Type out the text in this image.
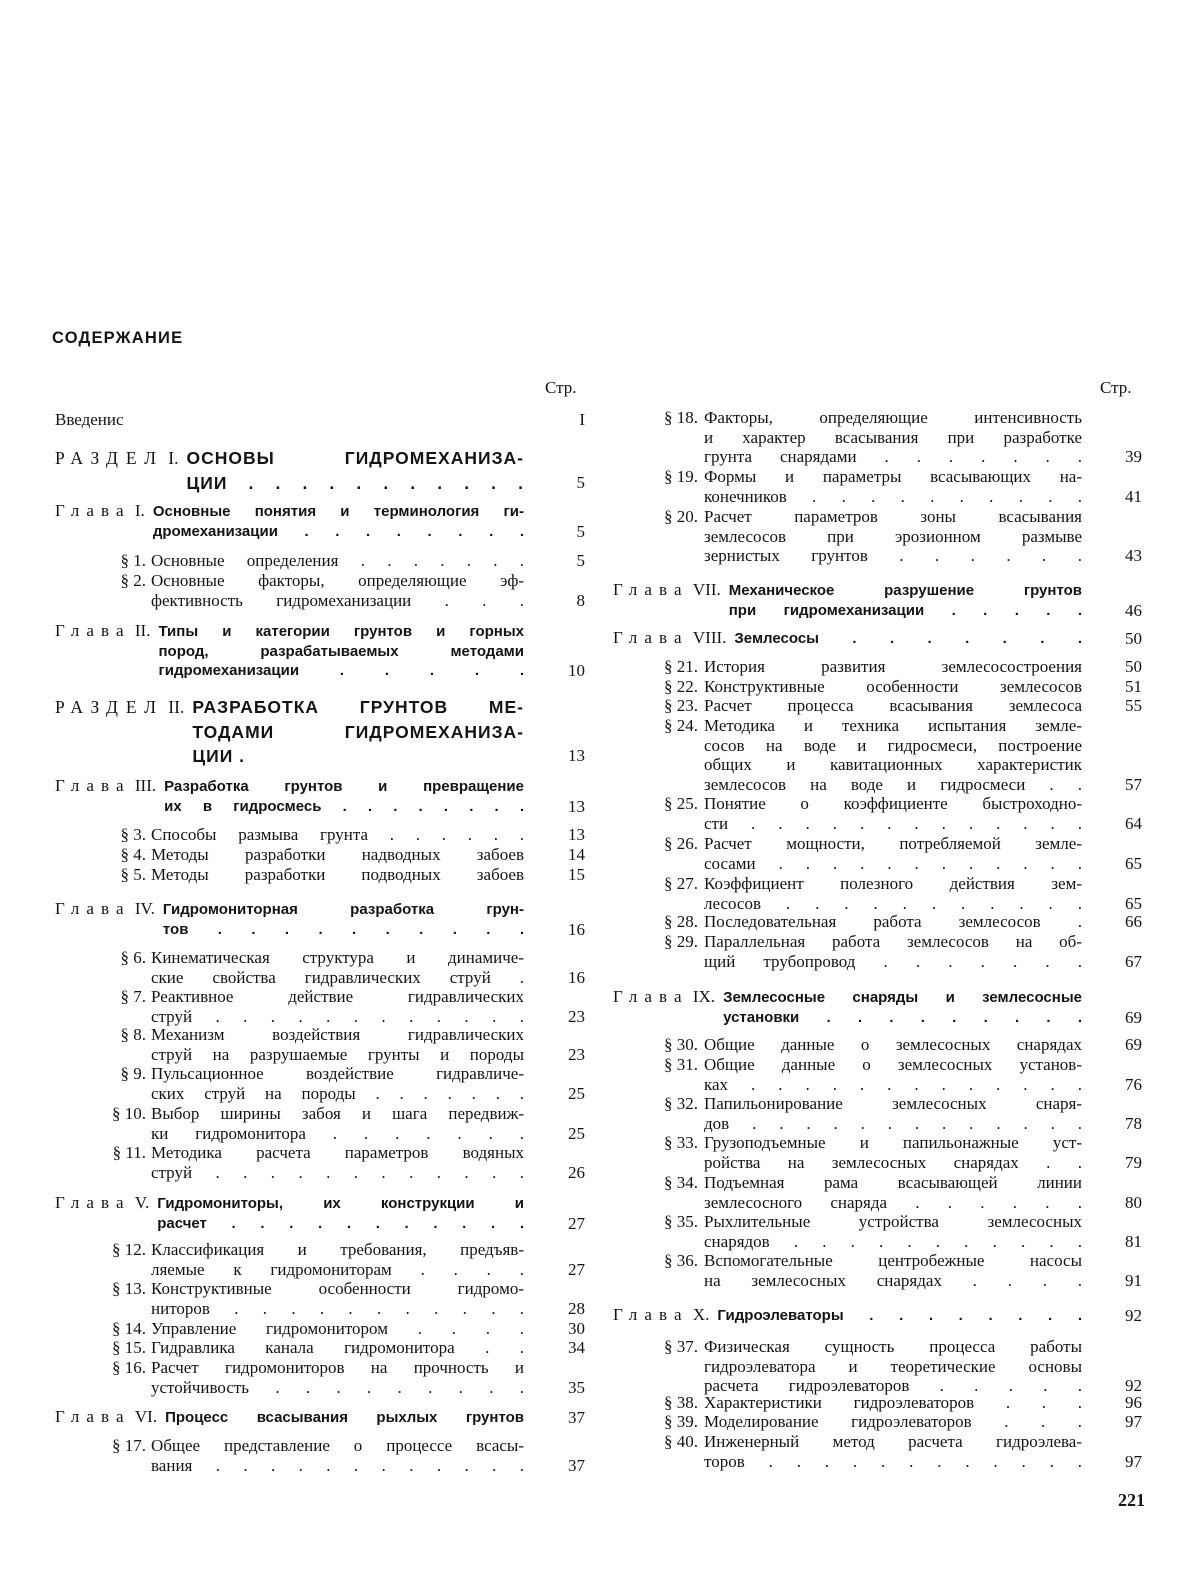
СОДЕРЖАНИЕ
Стр.	Стр.
Введенис	I
РАЗДЕЛ I. ОСНОВЫ ГИДРОМЕХАНИЗА-
ЦИИ . . . . . . . . . . .	5
Глава I. Основные понятия и терминология ги-
дромеханизации . . . . . . . .	5
§ 1. Основные определения . . . . . . .	5
§ 2. Основные факторы, определяющие эф-
фективность гидромеханизации . . .	8
Глава II. Типы и категории грунтов и горных
пород, разрабатываемых методами
гидромеханизации . . . . .	10
РАЗДЕЛ II. РАЗРАБОТКА ГРУНТОВ МЕ-
ТОДАМИ ГИДРОМЕХАНИЗА-
ЦИИ .	13
Глава III. Разработка грунтов и превращение
их в гидросмесь . . . . . . . .	13
§ 3. Способы размыва грунта . . . . . .	13
§ 4. Методы разработки надводных забоев	14
§ 5. Методы разработки подводных забоев	15
Глава IV. Гидромониторная разработка грун-
тов . . . . . . . . . .	16
§ 6. Кинематическая структура и динамиче-
ские свойства гидравлических струй .	16
§ 7. Реактивное действие гидравлических
струй . . . . . . . . . . . .	23
§ 8. Механизм воздействия гидравлических
струй на разрушаемые грунты и породы	23
§ 9. Пульсационное воздействие гидравличе-
ских струй на породы . . . . . . .	25
§ 10. Выбор ширины забоя и шага передвиж-
ки гидромонитора . . . . . . .	25
§ 11. Методика расчета параметров водяных
струй . . . . . . . . . . . .	26
Глава V. Гидромониторы, их конструкции и
расчет . . . . . . . . . . .	27
§ 12. Классификация и требования, предъяв-
ляемые к гидромониторам . . . .	27
§ 13. Конструктивные особенности гидромо-
ниторов . . . . . . . . . . .	28
§ 14. Управление гидромонитором . . . .	30
§ 15. Гидравлика канала гидромонитора . .	34
§ 16. Расчет гидромониторов на прочность и
устойчивость . . . . . . . . .	35
Глава VI. Процесс всасывания рыхлых грунтов	37
§ 17. Общее представление о процессе всасы-
вания . . . . . . . . . . . .	37
§ 18. Факторы, определяющие интенсивность
и характер всасывания при разработке
грунта снарядами . . . . . . .	39
§ 19. Формы и параметры всасывающих на-
конечников . . . . . . . . . .	41
§ 20. Расчет параметров зоны всасывания
землесосов при эрозионном размыве
зернистых грунтов . . . . . .	43
Глава VII. Механическое разрушение грунтов
при гидромеханизации . . . . .	46
Глава VIII. Землесосы . . . . . . .	50
§ 21. История развития землесосостроения	50
§ 22. Конструктивные особенности землесосов	51
§ 23. Расчет процесса всасывания землесоса	55
§ 24. Методика и техника испытания земле-
сосов на воде и гидросмеси, построение
общих и кавитационных характеристик
землесосов на воде и гидросмеси . .	57
§ 25. Понятие о коэффициенте быстроходно-
сти . . . . . . . . . . . . .	64
§ 26. Расчет мощности, потребляемой земле-
сосами . . . . . . . . . . . .	65
§ 27. Коэффициент полезного действия зем-
лесосов . . . . . . . . . . .	65
§ 28. Последовательная работа землесосов .	66
§ 29. Параллельная работа землесосов на об-
щий трубопровод . . . . . . .	67
Глава IX. Землесосные снаряды и землесосные
установки . . . . . . . . .	69
§ 30. Общие данные о землесосных снарядах	69
§ 31. Общие данные о землесосных установ-
ках . . . . . . . . . . . . .	76
§ 32. Папильонирование землесосных снаря-
дов . . . . . . . . . . . . .	78
§ 33. Грузоподъемные и папильонажные уст-
ройства на землесосных снарядах . .	79
§ 34. Подъемная рама всасывающей линии
землесосного снаряда . . . . . .	80
§ 35. Рыхлительные устройства землесосных
снарядов . . . . . . . . . . .	81
§ 36. Вспомогательные центробежные насосы
на землесосных снарядах . . . .	91
Глава X. Гидроэлеваторы . . . . . . . .	92
§ 37. Физическая сущность процесса работы
гидроэлеватора и теоретические основы
расчета гидроэлеваторов . . . . .	92
§ 38. Характеристики гидроэлеваторов . . .	96
§ 39. Моделирование гидроэлеваторов . . .	97
§ 40. Инженерный метод расчета гидроэлева-
торов . . . . . . . . . . . .	97
221
